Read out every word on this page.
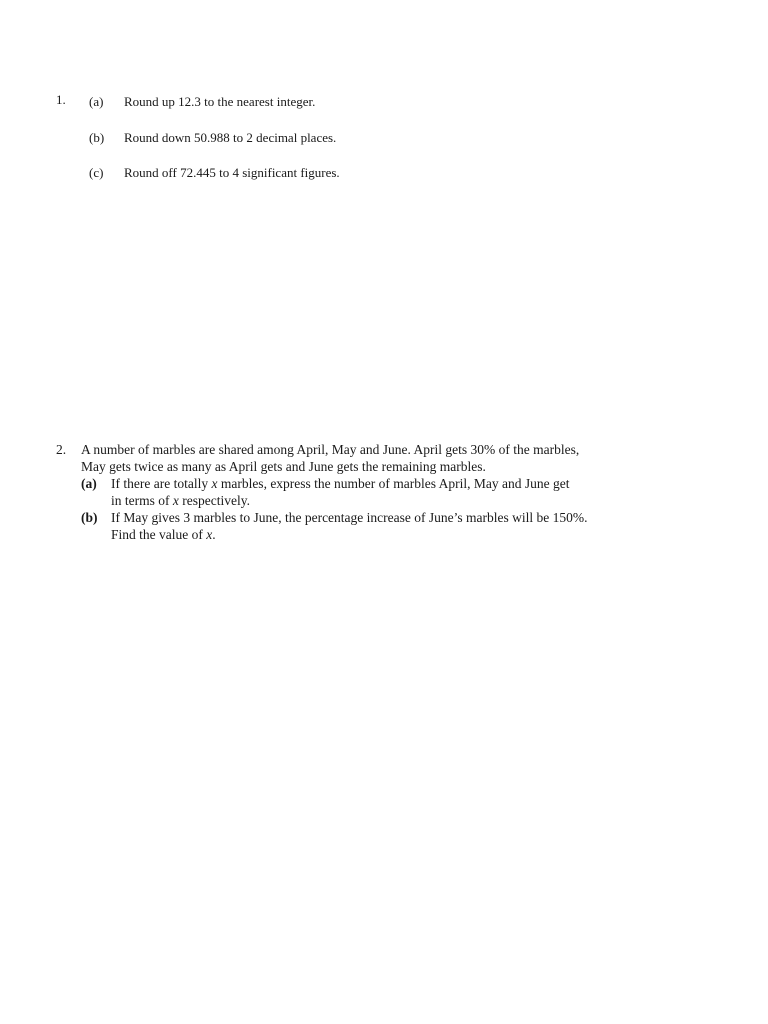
1. (a) Round up 12.3 to the nearest integer.
(b) Round down 50.988 to 2 decimal places.
(c) Round off 72.445 to 4 significant figures.
2. A number of marbles are shared among April, May and June. April gets 30% of the marbles,
May gets twice as many as April gets and June gets the remaining marbles.

(a) If there are totally x marbles, express the number of marbles April, May and June get
in terms of x respectively.
(b) If May gives 3 marbles to June, the percentage increase of June’s marbles will be 150%.
Find the value of x.
